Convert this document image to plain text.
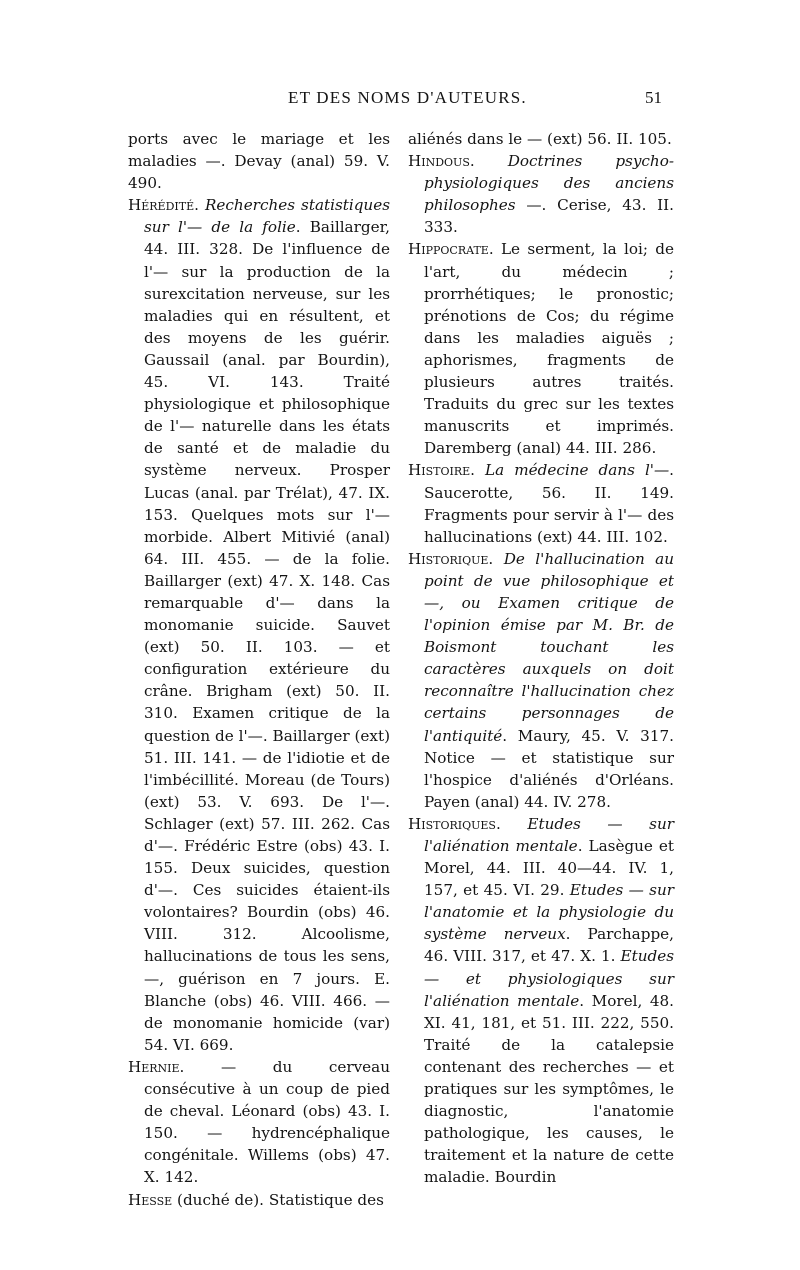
ET DES NOMS D'AUTEURS.	51

ports avec le mariage et les maladies —. Devay (anal) 59. V. 490.

Hérédité. Recherches statistiques sur l'— de la folie. Baillarger, 44. III. 328. De l'influence de l'— sur la production de la surexcitation nerveuse, sur les maladies qui en résultent, et des moyens de les guérir. Gaussail (anal. par Bourdin), 45. VI. 143. Traité physiologique et philosophique de l'— naturelle dans les états de santé et de maladie du système nerveux. Prosper Lucas (anal. par Trélat), 47. IX. 153. Quelques mots sur l'— morbide. Albert Mitivié (anal) 64. III. 455. — de la folie. Baillarger (ext) 47. X. 148. Cas remarquable d'— dans la monomanie suicide. Sauvet (ext) 50. II. 103. — et configuration extérieure du crâne. Brigham (ext) 50. II. 310. Examen critique de la question de l'—. Baillarger (ext) 51. III. 141. — de l'idiotie et de l'imbécillité. Moreau (de Tours) (ext) 53. V. 693. De l'—. Schlager (ext) 57. III. 262. Cas d'—. Frédéric Estre (obs) 43. I. 155. Deux suicides, question d'—. Ces suicides étaient-ils volontaires? Bourdin (obs) 46. VIII. 312. Alcoolisme, hallucinations de tous les sens, —, guérison en 7 jours. E. Blanche (obs) 46. VIII. 466. — de monomanie homicide (var) 54. VI. 669.

Hernie. — du cerveau consécutive à un coup de pied de cheval. Léonard (obs) 43. I. 150. — hydrencéphalique congénitale. Willems (obs) 47. X. 142.

Hesse (duché de). Statistique des

aliénés dans le — (ext) 56. II. 105.

Hindous. Doctrines psycho-physiologiques des anciens philosophes —. Cerise, 43. II. 333.

Hippocrate. Le serment, la loi; de l'art, du médecin ; prorrhétiques; le pronostic; prénotions de Cos; du régime dans les maladies aiguës ; aphorismes, fragments de plusieurs autres traités. Traduits du grec sur les textes manuscrits et imprimés. Daremberg (anal) 44. III. 286.

Histoire. La médecine dans l'—. Saucerotte, 56. II. 149. Fragments pour servir à l'— des hallucinations (ext) 44. III. 102.

Historique. De l'hallucination au point de vue philosophique et —, ou Examen critique de l'opinion émise par M. Br. de Boismont touchant les caractères auxquels on doit reconnaître l'hallucination chez certains personnages de l'antiquité. Maury, 45. V. 317. Notice — et statistique sur l'hospice d'aliénés d'Orléans. Payen (anal) 44. IV. 278.

Historiques. Etudes — sur l'aliénation mentale. Lasègue et Morel, 44. III. 40—44. IV. 1, 157, et 45. VI. 29. Etudes — sur l'anatomie et la physiologie du système nerveux. Parchappe, 46. VIII. 317, et 47. X. 1. Etudes — et physiologiques sur l'aliénation mentale. Morel, 48. XI. 41, 181, et 51. III. 222, 550. Traité de la catalepsie contenant des recherches — et pratiques sur les symptômes, le diagnostic, l'anatomie pathologique, les causes, le traitement et la nature de cette maladie. Bourdin
